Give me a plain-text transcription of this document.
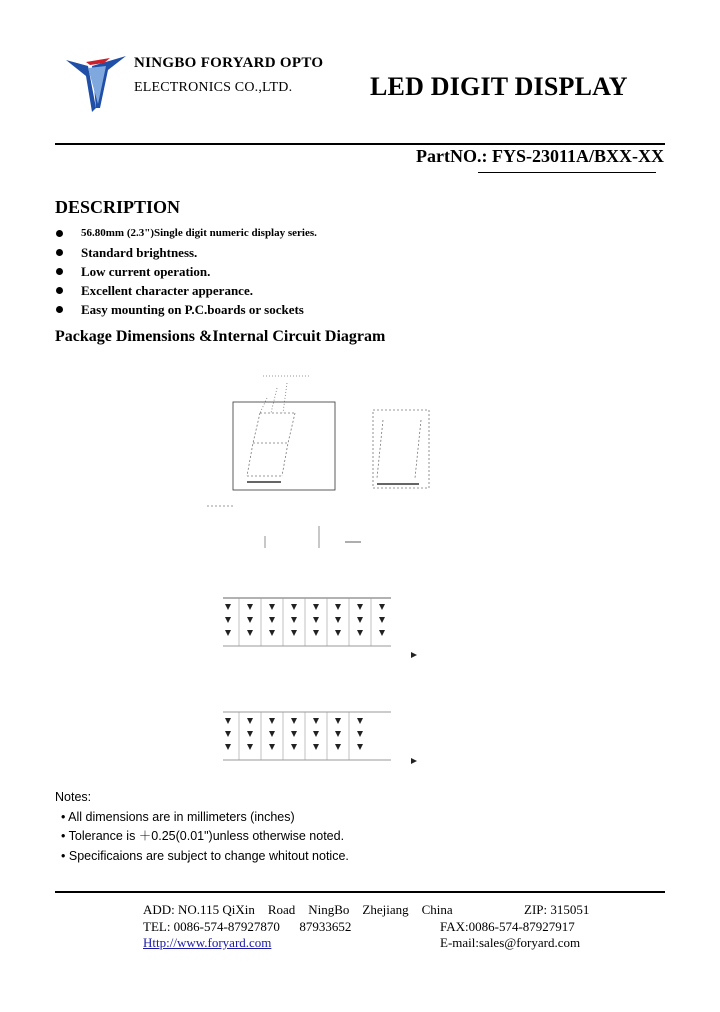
NINGBO FORYARD OPTO
ELECTRONICS CO.,LTD.	LED DIGIT DISPLAY
PartNO.: FYS-23011A/BXX-XX
DESCRIPTION
56.80mm (2.3")Single digit numeric display series.
Standard brightness.
Low current operation.
Excellent character apperance.
Easy mounting on P.C.boards or sockets
Package Dimensions &Internal Circuit Diagram
Notes:
• All dimensions are in millimeters (inches)
• Tolerance is ＋0.25(0.01")unless otherwise noted.
• Specificaions are subject to change whitout notice.
ADD: NO.115 QiXin    Road    NingBo    Zhejiang    China	ZIP: 315051
TEL: 0086-574-87927870      87933652	FAX:0086-574-87927917
Http://www.foryard.com	E-mail:sales@foryard.com
